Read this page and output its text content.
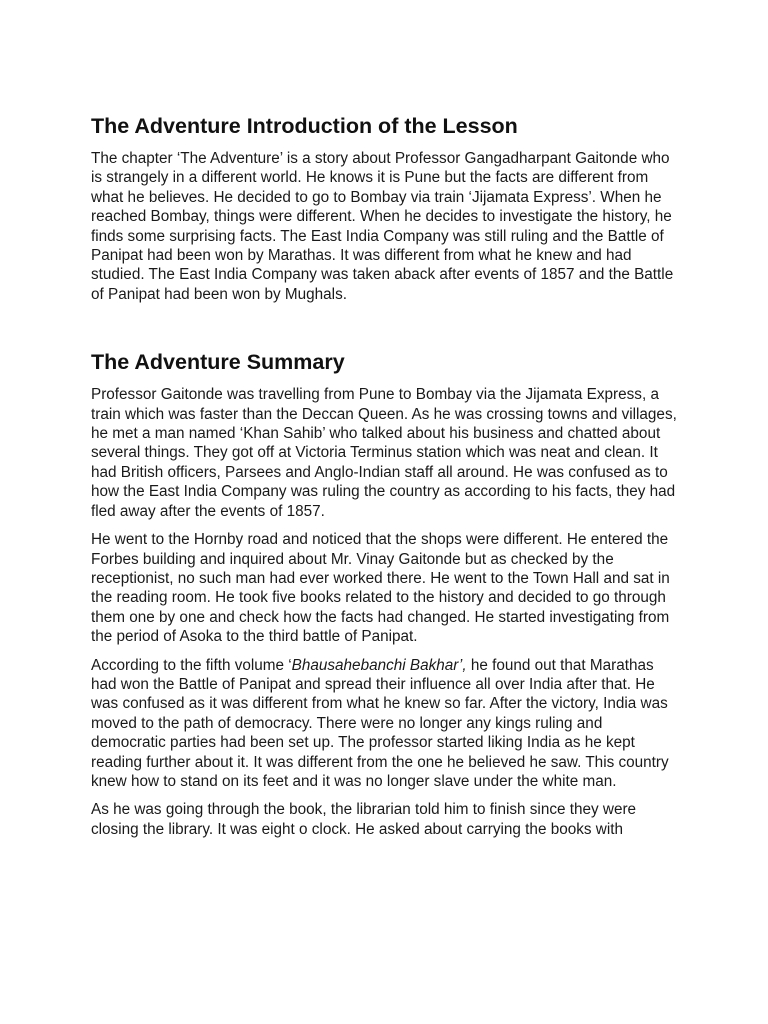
The Adventure Introduction of the Lesson

The chapter ‘The Adventure’ is a story about Professor Gangadharpant Gaitonde who is strangely in a different world. He knows it is Pune but the facts are different from what he believes. He decided to go to Bombay via train ‘Jijamata Express’. When he reached Bombay, things were different. When he decides to investigate the history, he finds some surprising facts. The East India Company was still ruling and the Battle of Panipat had been won by Marathas. It was different from what he knew and had studied. The East India Company was taken aback after events of 1857 and the Battle of Panipat had been won by Mughals.

The Adventure Summary

Professor Gaitonde was travelling from Pune to Bombay via the Jijamata Express, a train which was faster than the Deccan Queen. As he was crossing towns and villages, he met a man named ‘Khan Sahib’ who talked about his business and chatted about several things. They got off at Victoria Terminus station which was neat and clean. It had British officers, Parsees and Anglo-Indian staff all around. He was confused as to how the East India Company was ruling the country as according to his facts, they had fled away after the events of 1857.

He went to the Hornby road and noticed that the shops were different. He entered the Forbes building and inquired about Mr. Vinay Gaitonde but as checked by the receptionist, no such man had ever worked there. He went to the Town Hall and sat in the reading room. He took five books related to the history and decided to go through them one by one and check how the facts had changed. He started investigating from the period of Asoka to the third battle of Panipat.

According to the fifth volume ‘Bhausahebanchi Bakhar’, he found out that Marathas had won the Battle of Panipat and spread their influence all over India after that. He was confused as it was different from what he knew so far. After the victory, India was moved to the path of democracy. There were no longer any kings ruling and democratic parties had been set up. The professor started liking India as he kept reading further about it. It was different from the one he believed he saw. This country knew how to stand on its feet and it was no longer slave under the white man.

As he was going through the book, the librarian told him to finish since they were closing the library. It was eight o clock. He asked about carrying the books with
